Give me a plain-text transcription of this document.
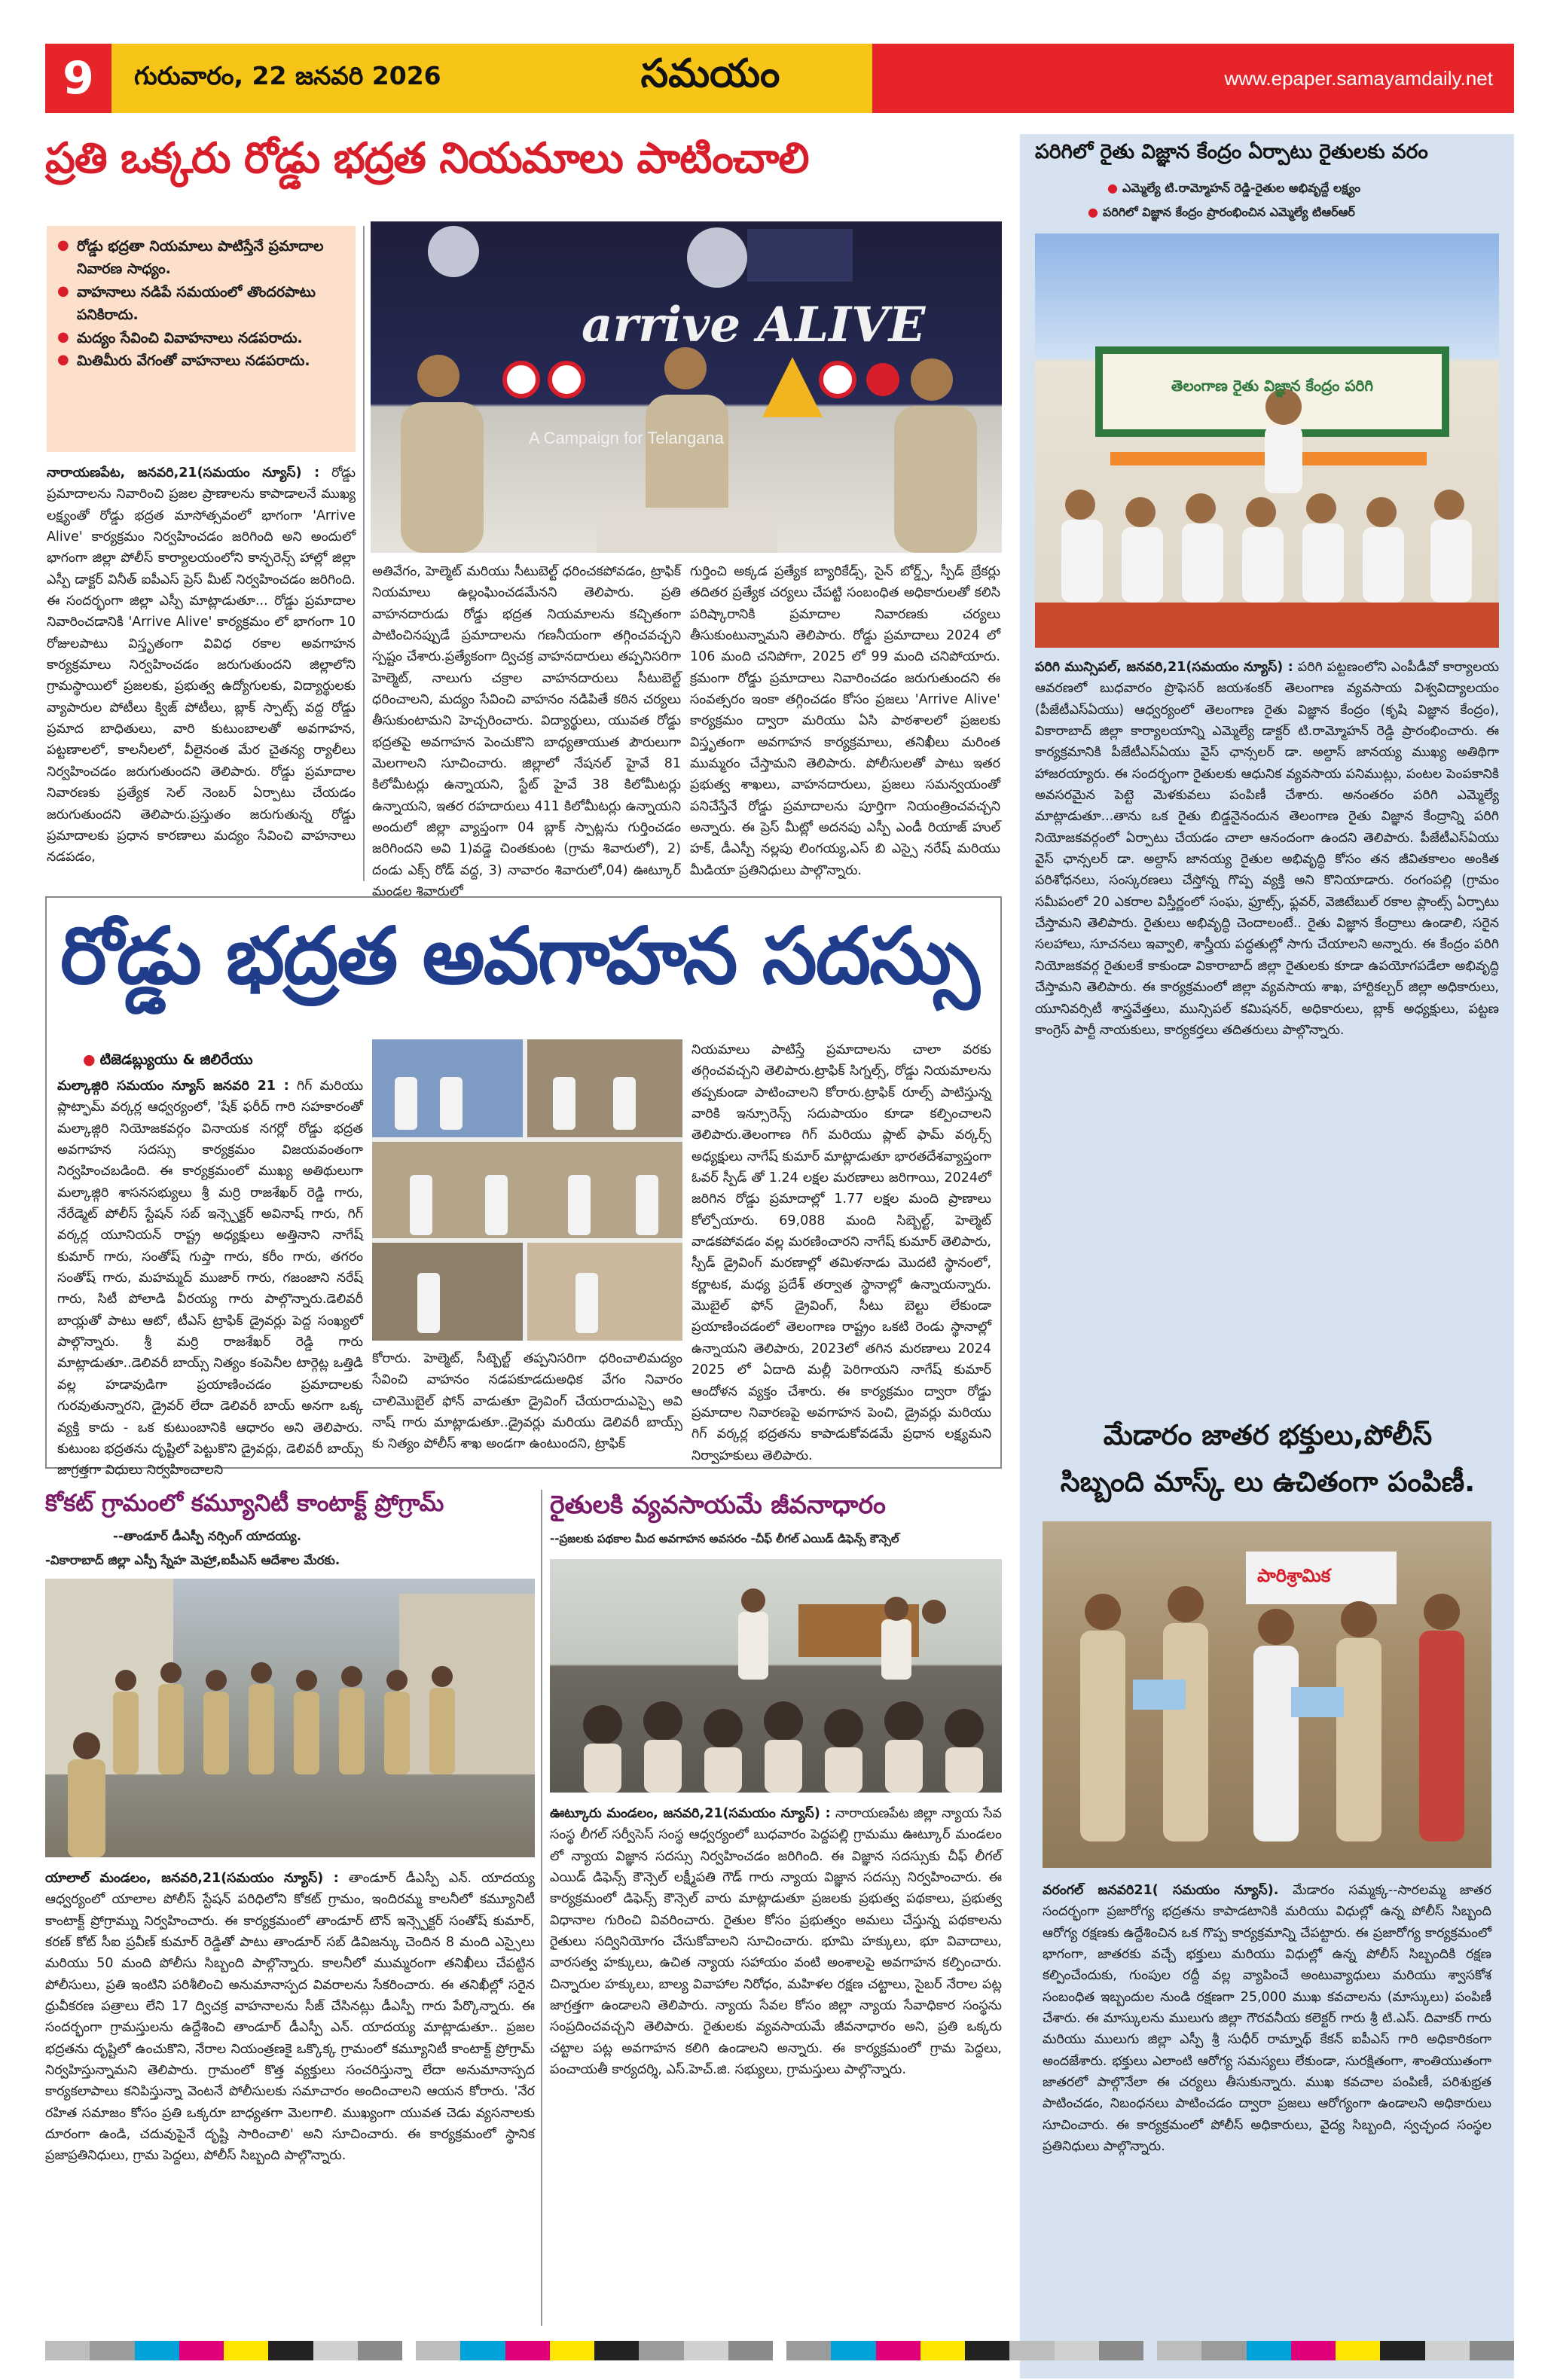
9	గురువారం, 22 జనవరి 2026	సమయం	www.epaper.samayamdaily.net
ప్రతి ఒక్కరు రోడ్డు భద్రత నియమాలు పాటించాలి
● రోడ్డు భద్రతా నియమాలు పాటిస్తేనే ప్రమాదాల నివారణ సాధ్యం.
● వాహనాలు నడిపే సమయంలో తొందరపాటు పనికిరాదు.
● మద్యం సేవించి వివాహనాలు నడపరాదు.
● మితిమీరు వేగంతో వాహనాలు నడపరాదు.
arrive ALIVE
A Campaign for Telangana
నారాయణపేట, జనవరి,21(సమయం న్యూస్) : రోడ్డు ప్రమాదాలను నివారించి ప్రజల ప్రాణాలను కాపాడాలనే ముఖ్య లక్ష్యంతో రోడ్డు భద్రత మాసోత్సవంలో భాగంగా 'Arrive Alive' కార్యక్రమం నిర్వహించడం జరిగింది అని అందులో భాగంగా జిల్లా పోలీస్ కార్యాలయంలోని కాన్ఫరెన్స్ హాల్లో జిల్లా ఎస్పీ డాక్టర్ వినీత్ ఐపీఎస్ ప్రెస్ మీట్ నిర్వహించడం జరిగింది. ఈ సందర్భంగా జిల్లా ఎస్పీ మాట్లాడుతూ... రోడ్డు ప్రమాదాల నివారించడానికి 'Arrive Alive' కార్యక్రమం లో భాగంగా 10 రోజులపాటు విస్తృతంగా వివిధ రకాల అవగాహన కార్యక్రమాలు నిర్వహించడం జరుగుతుందని జిల్లాలోని గ్రామస్థాయిలో ప్రజలకు, ప్రభుత్వ ఉద్యోగులకు, విద్యార్థులకు వ్యాపారుల పోటీలు క్విజ్ పోటీలు, బ్లాక్ స్పాట్స్ వద్ద రోడ్డు ప్రమాద బాధితులు, వారి కుటుంబాలతో అవగాహన, పట్టణాలలో, కాలనీలలో, వీలైనంత మేర చైతన్య ర్యాలీలు నిర్వహించడం జరుగుతుందని తెలిపారు. రోడ్డు ప్రమాదాల నివారణకు ప్రత్యేక సెల్ నెంబర్ ఏర్పాటు చేయడం జరుగుతుందని తెలిపారు.ప్రస్తుతం జరుగుతున్న రోడ్డు ప్రమాదాలకు ప్రధాన కారణాలు మద్యం సేవించి వాహనాలు నడపడం,
అతివేగం, హెల్మెట్ మరియు సీటుబెల్ట్ ధరించకపోవడం, ట్రాఫిక్ నియమాలు ఉల్లంఘించడమేనని తెలిపారు. ప్రతి వాహనదారుడు రోడ్డు భద్రత నియమాలను కచ్చితంగా పాటించినప్పుడే ప్రమాదాలను గణనీయంగా తగ్గించవచ్చని స్పష్టం చేశారు.ప్రత్యేకంగా ద్విచక్ర వాహనదారులు తప్పనిసరిగా హెల్మెట్, నాలుగు చక్రాల వాహనదారులు సీటుబెల్ట్ ధరించాలని, మద్యం సేవించి వాహనం నడిపితే కఠిన చర్యలు తీసుకుంటామని హెచ్చరించారు. విద్యార్థులు, యువత రోడ్డు భద్రతపై అవగాహన పెంచుకొని బాధ్యతాయుత పౌరులుగా మెలగాలని సూచించారు. జిల్లాలో నేషనల్ హైవే 81 కిలోమీటర్లు ఉన్నాయని, స్టేట్ హైవే 38 కిలోమీటర్లు ఉన్నాయని, ఇతర రహదారులు 411 కిలోమీటర్లు ఉన్నాయని అందులో జిల్లా వ్యాప్తంగా 04 బ్లాక్ స్పాట్లను గుర్తించడం జరిగిందని అవి 1)వడ్డె చింతకుంట (గ్రామ శివారులో), 2) దండు ఎక్స్ రోడ్ వద్ద, 3) నావారం శివారులో,04) ఊట్కూర్ మండల శివారులో
గుర్తించి అక్కడ ప్రత్యేక బ్యారికేడ్స్, సైన్ బోర్డ్స్, స్పీడ్ బ్రేకర్లు తదితర ప్రత్యేక చర్యలు చేపట్టి సంబంధిత అధికారులతో కలిసి పరిష్కారానికి ప్రమాదాల నివారణకు చర్యలు తీసుకుంటున్నామని తెలిపారు. రోడ్డు ప్రమాదాలు 2024 లో 106 మంది చనిపోగా, 2025 లో 99 మంది చనిపోయారు. క్రమంగా రోడ్డు ప్రమాదాలు నివారించడం జరుగుతుందని ఈ సంవత్సరం ఇంకా తగ్గించడం కోసం ప్రజలు 'Arrive Alive' కార్యక్రమం ద్వారా మరియు ఏసి పాఠశాలలో ప్రజలకు విస్తృతంగా అవగాహన కార్యక్రమాలు, తనిఖీలు మరింత ముమ్మరం చేస్తామని తెలిపారు. పోలీసులతో పాటు ఇతర ప్రభుత్వ శాఖలు, వాహనదారులు, ప్రజలు సమన్వయంతో పనిచేస్తేనే రోడ్డు ప్రమాదాలను పూర్తిగా నియంత్రించవచ్చని అన్నారు. ఈ ప్రెస్ మీట్లో అదనపు ఎస్పీ ఎండీ రియాజ్ హుల్ హక్, డీఎస్పీ నల్లపు లింగయ్య,ఎస్ బి ఎస్సై నరేష్ మరియు మీడియా ప్రతినిధులు పాల్గొన్నారు.
పరిగిలో రైతు విజ్ఞాన కేంద్రం ఏర్పాటు రైతులకు వరం
● ఎమ్మెల్యే టి.రామ్మోహన్ రెడ్డి-రైతుల అభివృద్దే లక్ష్యం
● పరిగిలో విజ్ఞాన కేంద్రం ప్రారంభించిన ఎమ్మెల్యే టిఆర్ఆర్
తెలంగాణ రైతు విజ్ఞాన కేంద్రం పరిగి
పరిగి మున్సిపల్, జనవరి,21(సమయం న్యూస్) : పరిగి పట్టణంలోని ఎంపీడీవో కార్యాలయ ఆవరణలో బుధవారం ప్రొఫెసర్ జయశంకర్ తెలంగాణ వ్యవసాయ విశ్వవిద్యాలయం (పీజేటీఎస్ఏయు) ఆధ్వర్యంలో తెలంగాణ రైతు విజ్ఞాన కేంద్రం (కృషి విజ్ఞాన కేంద్రం), వికారాబాద్ జిల్లా కార్యాలయాన్ని ఎమ్మెల్యే డాక్టర్ టి.రామ్మోహన్ రెడ్డి ప్రారంభించారు. ఈ కార్యక్రమానికి పీజేటీఎస్ఏయు వైస్ ఛాన్సలర్ డా. అల్దాస్ జానయ్య ముఖ్య అతిథిగా హాజరయ్యారు. ఈ సందర్భంగా రైతులకు ఆధునిక వ్యవసాయ పనిముట్లు, పంటల పెంపకానికి అవసరమైన పెట్టె మెళకువలు పంపిణీ చేశారు. అనంతరం పరిగి ఎమ్మెల్యే మాట్లాడుతూ...తాను ఒక రైతు బిడ్డనైనందున తెలంగాణ రైతు విజ్ఞాన కేంద్రాన్ని పరిగి నియోజకవర్గంలో ఏర్పాటు చేయడం చాలా ఆనందంగా ఉందని తెలిపారు. పీజేటీఎస్ఏయు వైస్ ఛాన్సలర్ డా. అల్దాస్ జానయ్య రైతుల అభివృద్ధి కోసం తన జీవితకాలం అంకిత పరిశోధనలు, సంస్కరణలు చేస్తోన్న గొప్ప వ్యక్తి అని కొనియాడారు. రంగంపల్లి (గ్రామం సమీపంలో 20 ఎకరాల విస్తీర్ణంలో సంఘ, ఫ్రూట్స్, ఫ్లవర్, వెజిటేబుల్ రకాల ప్లాంట్స్ ఏర్పాటు చేస్తామని తెలిపారు. రైతులు అభివృద్ధి చెందాలంటే.. రైతు విజ్ఞాన కేంద్రాలు ఉండాలి, సరైన సలహాలు, సూచనలు ఇవ్వాలి, శాస్త్రీయ పద్ధతుల్లో సాగు చేయాలని అన్నారు. ఈ కేంద్రం పరిగి నియోజకవర్గ రైతులకే కాకుండా వికారాబాద్ జిల్లా రైతులకు కూడా ఉపయోగపడేలా అభివృద్ధి చేస్తామని తెలిపారు. ఈ కార్యక్రమంలో జిల్లా వ్యవసాయ శాఖ, హార్టికల్చర్ జిల్లా అధికారులు, యూనివర్సిటీ శాస్త్రవేత్తలు, మున్సిపల్ కమిషనర్, అధికారులు, బ్లాక్ అధ్యక్షులు, పట్టణ కాంగ్రెస్ పార్టీ నాయకులు, కార్యకర్తలు తదితరులు పాల్గొన్నారు.
మేడారం జాతర భక్తులు,పోలీస్
సిబ్బంది మాస్క్ లు ఉచితంగా పంపిణీ.
పారిశ్రామిక
వరంగల్ జనవరి21( సమయం న్యూస్). మేడారం సమ్మక్క--సారలమ్మ జాతర సందర్భంగా ప్రజారోగ్య భద్రతను కాపాడటానికి మరియు విధుల్లో ఉన్న పోలీస్ సిబ్బంది ఆరోగ్య రక్షణకు ఉద్దేశించిన ఒక గొప్ప కార్యక్రమాన్ని చేపట్టారు. ఈ ప్రజారోగ్య కార్యక్రమంలో భాగంగా, జాతరకు వచ్చే భక్తులు మరియు విధుల్లో ఉన్న పోలీస్ సిబ్బందికి రక్షణ కల్పించేందుకు, గుంపుల రద్దీ వల్ల వ్యాపించే అంటువ్యాధులు మరియు శ్వాసకోశ సంబంధిత ఇబ్బందుల నుండి రక్షణగా 25,000 ముఖ కవచాలను (మాస్కులు) పంపిణీ చేశారు. ఈ మాస్కులను ములుగు జిల్లా గౌరవనీయ కలెక్టర్ గారు శ్రీ టి.ఎస్. దివాకర్ గారు మరియు ములుగు జిల్లా ఎస్పీ శ్రీ సుధీర్ రామ్నాథ్ కేకన్ ఐపీఎస్ గారి అధికారికంగా అందజేశారు. భక్తులు ఎలాంటి ఆరోగ్య సమస్యలు లేకుండా, సురక్షితంగా, శాంతియుతంగా జాతరలో పాల్గొనేలా ఈ చర్యలు తీసుకున్నారు. ముఖ కవచాల పంపిణీ, పరిశుభ్రత పాటించడం, నిబంధనలు పాటించడం ద్వారా ప్రజలు ఆరోగ్యంగా ఉండాలని అధికారులు సూచించారు. ఈ కార్యక్రమంలో పోలీస్ అధికారులు, వైద్య సిబ్బంది, స్వచ్ఛంద సంస్థల ప్రతినిధులు పాల్గొన్నారు.
రోడ్డు భద్రత అవగాహన సదస్సు
● టిజెడబ్ల్యుయు & జిలిరేయు
మల్కాజ్గిరి సమయం న్యూస్ జనవరి 21 : గిగ్ మరియు ప్లాట్ఫామ్ వర్కర్ల ఆధ్వర్యంలో, 'షేక్ ఫరీద్ గారి సహకారంతో మల్కాజ్గిరి నియోజకవర్గం వినాయక నగర్లో రోడ్డు భద్రత అవగాహన సదస్సు కార్యక్రమం విజయవంతంగా నిర్వహించబడింది. ఈ కార్యక్రమంలో ముఖ్య అతిథులుగా మల్కాజ్గిరి శాసనసభ్యులు శ్రీ మర్రి రాజశేఖర్ రెడ్డి గారు, నేరేడ్మెట్ పోలీస్ స్టేషన్ సబ్ ఇన్స్పెక్టర్ అవినాష్ గారు, గిగ్ వర్కర్ల యూనియన్ రాష్ట్ర అధ్యక్షులు అత్తినాని నాగేష్ కుమార్ గారు, సంతోష్ గుప్తా గారు, కరీం గారు, తగరం సంతోష్ గారు, మహమ్మద్ ముజార్ గారు, గజంజాని నరేష్ గారు, సిటీ పోలాడి వీరయ్య గారు పాల్గొన్నారు.డెలివరీ బాయ్లతో పాటు ఆటో, టీఎస్ ట్రాఫిక్ డ్రైవర్లు పెద్ద సంఖ్యలో పాల్గొన్నారు. శ్రీ మర్రి రాజశేఖర్ రెడ్డి గారు మాట్లాడుతూ..డెలివరీ బాయ్స్ నిత్యం కంపెనీల టార్గెట్ల ఒత్తిడి వల్ల హడావుడిగా ప్రయాణించడం ప్రమాదాలకు గురవుతున్నారని, డ్రైవర్ లేదా డెలివరీ బాయ్ అనగా ఒక్క వ్యక్తి కాదు - ఒక కుటుంబానికి ఆధారం అని తెలిపారు. కుటుంబ భద్రతను దృష్టిలో పెట్టుకొని డ్రైవర్లు, డెలివరీ బాయ్స్ జాగ్రత్తగా విధులు నిర్వహించాలని
కోరారు. హెల్మెట్, సీట్బెల్ట్ తప్పనిసరిగా ధరించాలిమద్యం సేవించి వాహనం నడపకూడదుఅధిక వేగం నివారం చాలిమొబైల్ ఫోన్ వాడుతూ డ్రైవింగ్ చేయరాదుఎస్సై అవి నాష్ గారు మాట్లాడుతూ..డ్రైవర్లు మరియు డెలివరీ బాయ్స్ కు నిత్యం పోలీస్ శాఖ అండగా ఉంటుందని, ట్రాఫిక్
నియమాలు పాటిస్తే ప్రమాదాలను చాలా వరకు తగ్గించవచ్చని తెలిపారు.ట్రాఫిక్ సిగ్నల్స్, రోడ్డు నియమాలను తప్పకుండా పాటించాలని కోరారు.ట్రాఫిక్ రూల్స్ పాటిస్తున్న వారికి ఇన్సూరెన్స్ సదుపాయం కూడా కల్పించాలని తెలిపారు.తెలంగాణ గిగ్ మరియు ప్లాట్ ఫామ్ వర్కర్స్ అధ్యక్షులు నాగేష్ కుమార్ మాట్లాడుతూ భారతదేశవ్యాప్తంగా ఓవర్ స్పీడ్ తో 1.24 లక్షల మరణాలు జరిగాయి, 2024లో జరిగిన రోడ్డు ప్రమాదాల్లో 1.77 లక్షల మంది ప్రాణాలు కోల్పోయారు. 69,088 మంది సిబ్బెల్ట్, హెల్మెట్ వాడకపోవడం వల్ల మరణించారని నాగేష్ కుమార్ తెలిపారు, స్పీడ్ డ్రైవింగ్ మరణాల్లో తమిళనాడు మొదటి స్థానంలో, కర్ణాటక, మధ్య ప్రదేశ్ తర్వాత స్థానాల్లో ఉన్నాయన్నారు. మొబైల్ ఫోన్ డ్రైవింగ్, సీటు బెల్టు లేకుండా ప్రయాణించడంలో తెలంగాణ రాష్ట్రం ఒకటి రెండు స్థానాల్లో ఉన్నాయని తెలిపారు, 2023లో తగిన మరణాలు 2024 2025 లో ఏదాది మల్లీ పెరిగాయని నాగేష్ కుమార్ ఆందోళన వ్యక్తం చేశారు. ఈ కార్యక్రమం ద్వారా రోడ్డు ప్రమాదాల నివారణపై అవగాహన పెంచి, డ్రైవర్లు మరియు గిగ్ వర్కర్ల భద్రతను కాపాడుకోవడమే ప్రధాన లక్ష్యమని నిర్వాహకులు తెలిపారు.
కోకట్ గ్రామంలో కమ్యూనిటీ కాంటాక్ట్ ప్రోగ్రామ్
--తాండూర్ డీఎస్పీ నర్సింగ్ యాదయ్య.
-వికారాబాద్ జిల్లా ఎస్పీ స్నేహ మెహ్రా,ఐపీఎస్ ఆదేశాల మేరకు.
యాలాల్ మండలం, జనవరి,21(సమయం న్యూస్) : తాండూర్ డీఎస్పీ ఎన్. యాదయ్య ఆధ్వర్యంలో యాలాల పోలీస్ స్టేషన్ పరిధిలోని కోకట్ గ్రామం, ఇందిరమ్మ కాలనీలో కమ్యూనిటీ కాంటాక్ట్ ప్రోగ్రామ్ను నిర్వహించారు. ఈ కార్యక్రమంలో తాండూర్ టౌన్ ఇన్స్పెక్టర్ సంతోష్ కుమార్, కరణ్ కోట్ సీఐ ప్రవీణ్ కుమార్ రెడ్డితో పాటు తాండూర్ సబ్ డివిజన్కు చెందిన 8 మంది ఎస్సైలు మరియు 50 మంది పోలీసు సిబ్బంది పాల్గొన్నారు. కాలనీలో ముమ్మరంగా తనిఖీలు చేపట్టిన పోలీసులు, ప్రతి ఇంటిని పరిశీలించి అనుమానాస్పద వివరాలను సేకరించారు. ఈ తనిఖీల్లో సరైన ధ్రువీకరణ పత్రాలు లేని 17 ద్విచక్ర వాహనాలను సీజ్ చేసినట్లు డీఎస్పీ గారు పేర్కొన్నారు. ఈ సందర్భంగా గ్రామస్తులను ఉద్దేశించి తాండూర్ డీఎస్పీ ఎన్. యాదయ్య మాట్లాడుతూ.. ప్రజల భద్రతను దృష్టిలో ఉంచుకొని, నేరాల నియంత్రణకై ఒక్కొక్క గ్రామంలో కమ్యూనిటీ కాంటాక్ట్ ప్రోగ్రామ్ నిర్వహిస్తున్నామని తెలిపారు. గ్రామంలో కొత్త వ్యక్తులు సంచరిస్తున్నా లేదా అనుమానాస్పద కార్యకలాపాలు కనిపిస్తున్నా వెంటనే పోలీసులకు సమాచారం అందించాలని ఆయన కోరారు. 'నేర రహిత సమాజం కోసం ప్రతి ఒక్కరూ బాధ్యతగా మెలగాలి. ముఖ్యంగా యువత చెడు వ్యసనాలకు దూరంగా ఉండి, చదువుపైనే దృష్టి సారించాలి' అని సూచించారు. ఈ కార్యక్రమంలో స్థానిక ప్రజాప్రతినిధులు, గ్రామ పెద్దలు, పోలీస్ సిబ్బంది పాల్గొన్నారు.
రైతులకి వ్యవసాయమే జీవనాధారం
--ప్రజలకు పథకాల మీద అవగాహన అవసరం -చీఫ్ లీగల్ ఎయిడ్ డిఫెన్స్ కౌన్సెల్
ఊట్కూరు మండలం, జనవరి,21(సమయం న్యూస్) : నారాయణపేట జిల్లా న్యాయ సేవ సంస్థ లీగల్ సర్వీసెస్ సంస్థ ఆధ్వర్యంలో బుధవారం పెద్దపల్లి గ్రామము ఊట్కూర్ మండలం లో న్యాయ విజ్ఞాన సదస్సు నిర్వహించడం జరిగింది. ఈ విజ్ఞాన సదస్సుకు చీఫ్ లీగల్ ఎయిడ్ డిఫెన్స్ కౌన్సెల్ లక్ష్మీపతి గౌడ్ గారు న్యాయ విజ్ఞాన సదస్సు నిర్వహించారు. ఈ కార్యక్రమంలో డిఫెన్స్ కౌన్సెల్ వారు మాట్లాడుతూ ప్రజలకు ప్రభుత్వ పథకాలు, ప్రభుత్వ విధానాల గురించి వివరించారు. రైతుల కోసం ప్రభుత్వం అమలు చేస్తున్న పథకాలను రైతులు సద్వినియోగం చేసుకోవాలని సూచించారు. భూమి హక్కులు, భూ వివాదాలు, వారసత్వ హక్కులు, ఉచిత న్యాయ సహాయం వంటి అంశాలపై అవగాహన కల్పించారు. చిన్నారుల హక్కులు, బాల్య వివాహాల నిరోధం, మహిళల రక్షణ చట్టాలు, సైబర్ నేరాల పట్ల జాగ్రత్తగా ఉండాలని తెలిపారు. న్యాయ సేవల కోసం జిల్లా న్యాయ సేవాధికార సంస్థను సంప్రదించవచ్చని తెలిపారు. రైతులకు వ్యవసాయమే జీవనాధారం అని, ప్రతి ఒక్కరు చట్టాల పట్ల అవగాహన కలిగి ఉండాలని అన్నారు. ఈ కార్యక్రమంలో గ్రామ పెద్దలు, పంచాయతీ కార్యదర్శి, ఎస్.హెచ్.జి. సభ్యులు, గ్రామస్తులు పాల్గొన్నారు.
